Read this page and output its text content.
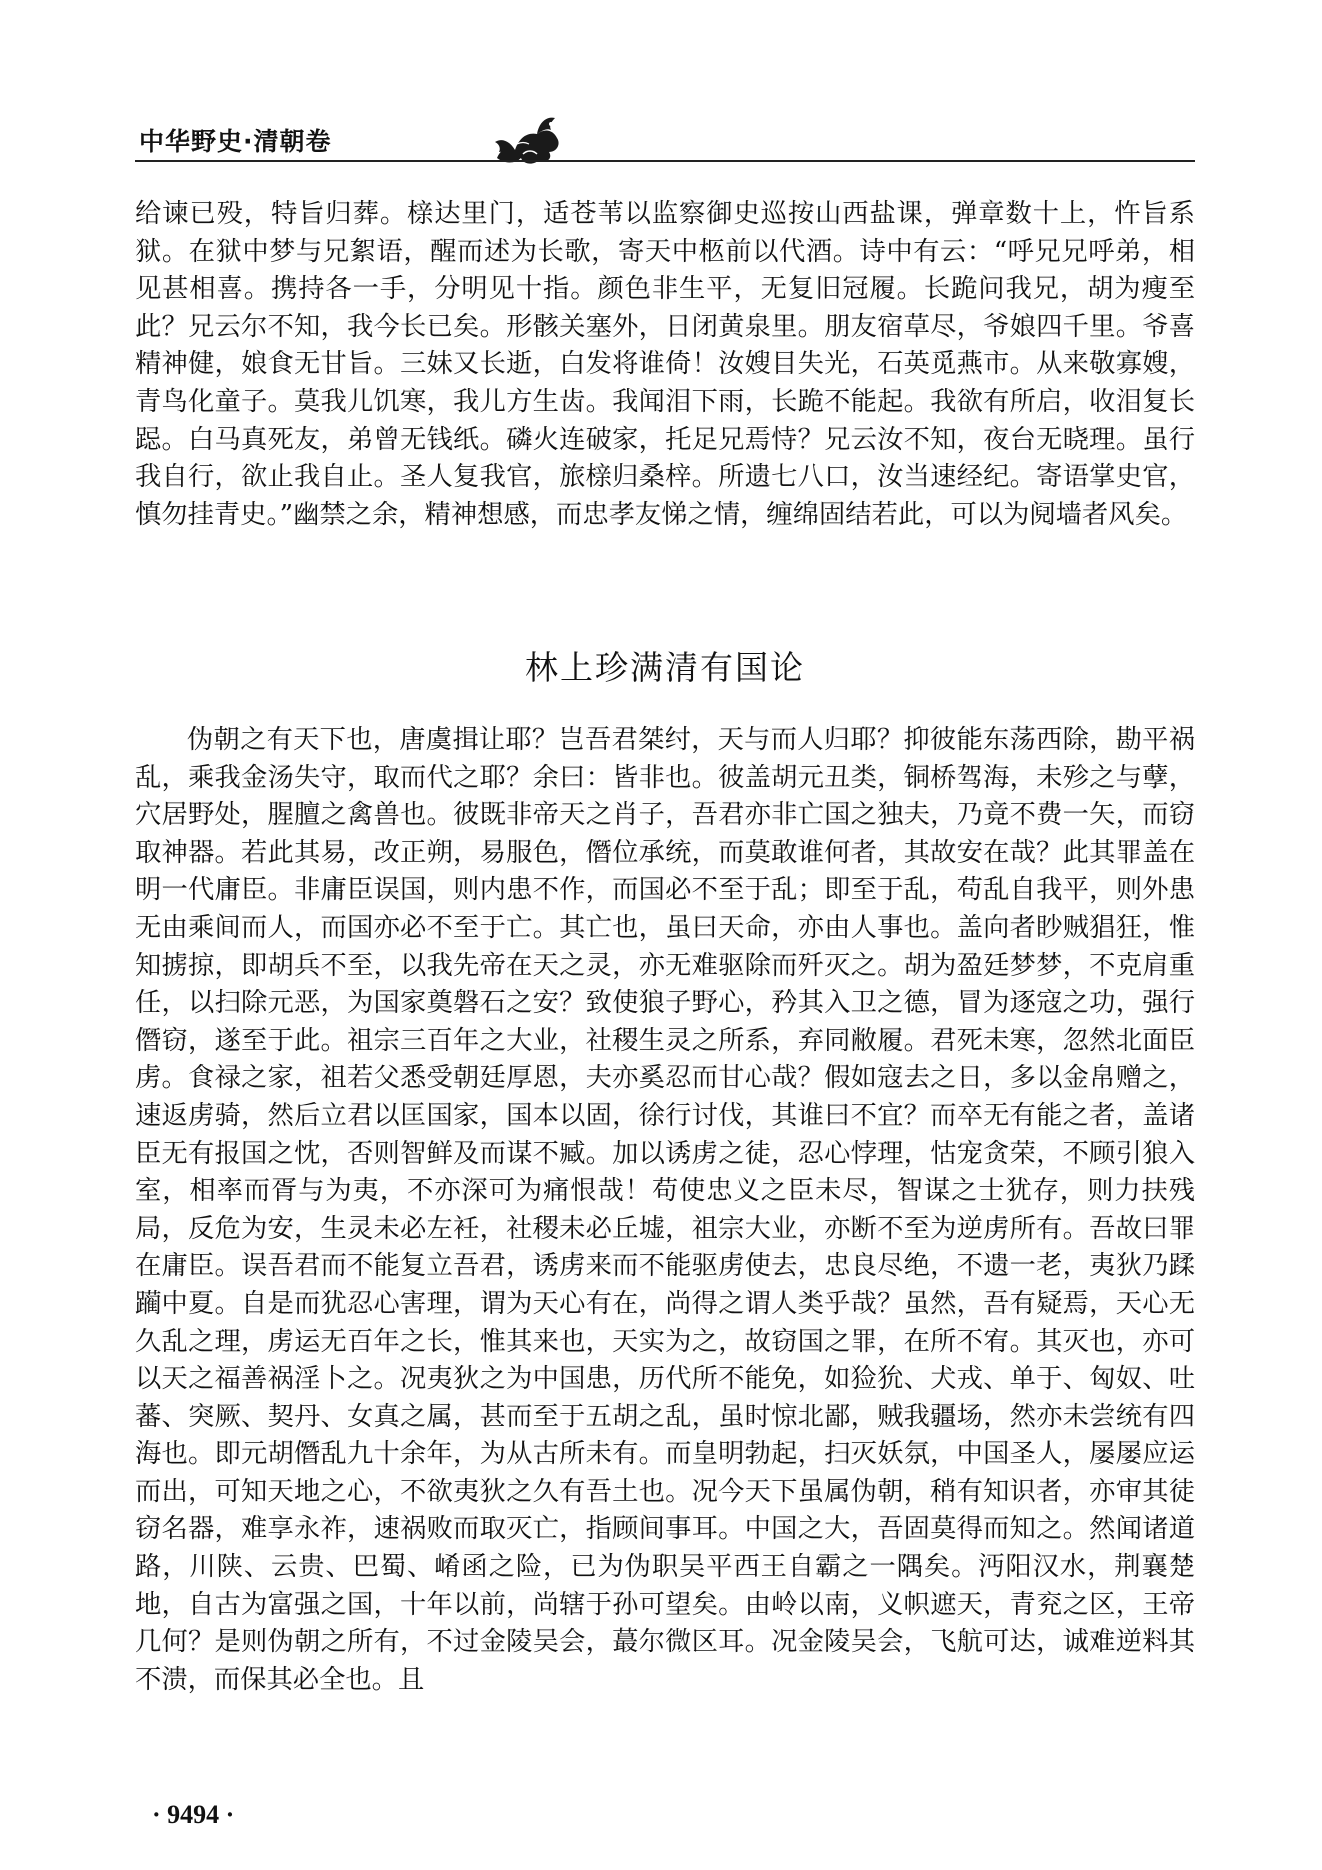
中华野史·清朝卷

给谏已殁，特旨归葬。榇达里门，适苍苇以监察御史巡按山西盐课，弹章数十上，忤旨系狱。在狱中梦与兄絮语，醒而述为长歌，寄天中柩前以代酒。诗中有云：“呼兄兄呼弟，相见甚相喜。携持各一手，分明见十指。颜色非生平，无复旧冠履。长跪问我兄，胡为瘦至此？兄云尔不知，我今长已矣。形骸关塞外，日闭黄泉里。朋友宿草尽，爷娘四千里。爷喜精神健，娘食无甘旨。三妹又长逝，白发将谁倚！汝嫂目失光，石英觅燕市。从来敬寡嫂，青鸟化童子。莫我儿饥寒，我儿方生齿。我闻泪下雨，长跪不能起。我欲有所启，收泪复长跽。白马真死友，弟曾无钱纸。磷火连破家，托足兄焉恃？兄云汝不知，夜台无晓理。虽行我自行，欲止我自止。圣人复我官，旅榇归桑梓。所遗七八口，汝当速经纪。寄语掌史官，慎勿挂青史。”幽禁之余，精神想感，而忠孝友悌之情，缠绵固结若此，可以为阋墙者风矣。

林上珍满清有国论

伪朝之有天下也，唐虞揖让耶？岂吾君桀纣，天与而人归耶？抑彼能东荡西除，勘平祸乱，乘我金汤失守，取而代之耶？余曰：皆非也。彼盖胡元丑类，铜桥驾海，未殄之与孽，穴居野处，腥膻之禽兽也。彼既非帝天之肖子，吾君亦非亡国之独夫，乃竟不费一矢，而窃取神器。若此其易，改正朔，易服色，僭位承统，而莫敢谁何者，其故安在哉？此其罪盖在明一代庸臣。非庸臣误国，则内患不作，而国必不至于乱；即至于乱，苟乱自我平，则外患无由乘间而人，而国亦必不至于亡。其亡也，虽曰天命，亦由人事也。盖向者眇贼猖狂，惟知掳掠，即胡兵不至，以我先帝在天之灵，亦无难驱除而歼灭之。胡为盈廷梦梦，不克肩重任，以扫除元恶，为国家奠磐石之安？致使狼子野心，矜其入卫之德，冒为逐寇之功，强行僭窃，遂至于此。祖宗三百年之大业，社稷生灵之所系，弃同敝履。君死未寒，忽然北面臣虏。食禄之家，祖若父悉受朝廷厚恩，夫亦奚忍而甘心哉？假如寇去之日，多以金帛赠之，速返虏骑，然后立君以匡国家，国本以固，徐行讨伐，其谁曰不宜？而卒无有能之者，盖诸臣无有报国之忱，否则智鲜及而谋不臧。加以诱虏之徒，忍心悖理，怙宠贪荣，不顾引狼入室，相率而胥与为夷，不亦深可为痛恨哉！苟使忠义之臣未尽，智谋之士犹存，则力扶残局，反危为安，生灵未必左衽，社稷未必丘墟，祖宗大业，亦断不至为逆虏所有。吾故曰罪在庸臣。误吾君而不能复立吾君，诱虏来而不能驱虏使去，忠良尽绝，不遗一老，夷狄乃蹂躏中夏。自是而犹忍心害理，谓为天心有在，尚得之谓人类乎哉？虽然，吾有疑焉，天心无久乱之理，虏运无百年之长，惟其来也，天实为之，故窃国之罪，在所不宥。其灭也，亦可以天之福善祸淫卜之。况夷狄之为中国患，历代所不能免，如猃狁、犬戎、单于、匈奴、吐蕃、突厥、契丹、女真之属，甚而至于五胡之乱，虽时惊北鄙，贼我疆场，然亦未尝统有四海也。即元胡僭乱九十余年，为从古所未有。而皇明勃起，扫灭妖氛，中国圣人，屡屡应运而出，可知天地之心，不欲夷狄之久有吾土也。况今天下虽属伪朝，稍有知识者，亦审其徒窃名器，难享永祚，速祸败而取灭亡，指顾间事耳。中国之大，吾固莫得而知之。然闻诸道路，川陕、云贵、巴蜀、崤函之险，已为伪职吴平西王自霸之一隅矣。沔阳汉水，荆襄楚地，自古为富强之国，十年以前，尚辖于孙可望矣。由岭以南，义帜遮天，青兖之区，王帝几何？是则伪朝之所有，不过金陵吴会，蕞尔微区耳。况金陵吴会，飞航可达，诚难逆料其不溃，而保其必全也。且

· 9494 ·
